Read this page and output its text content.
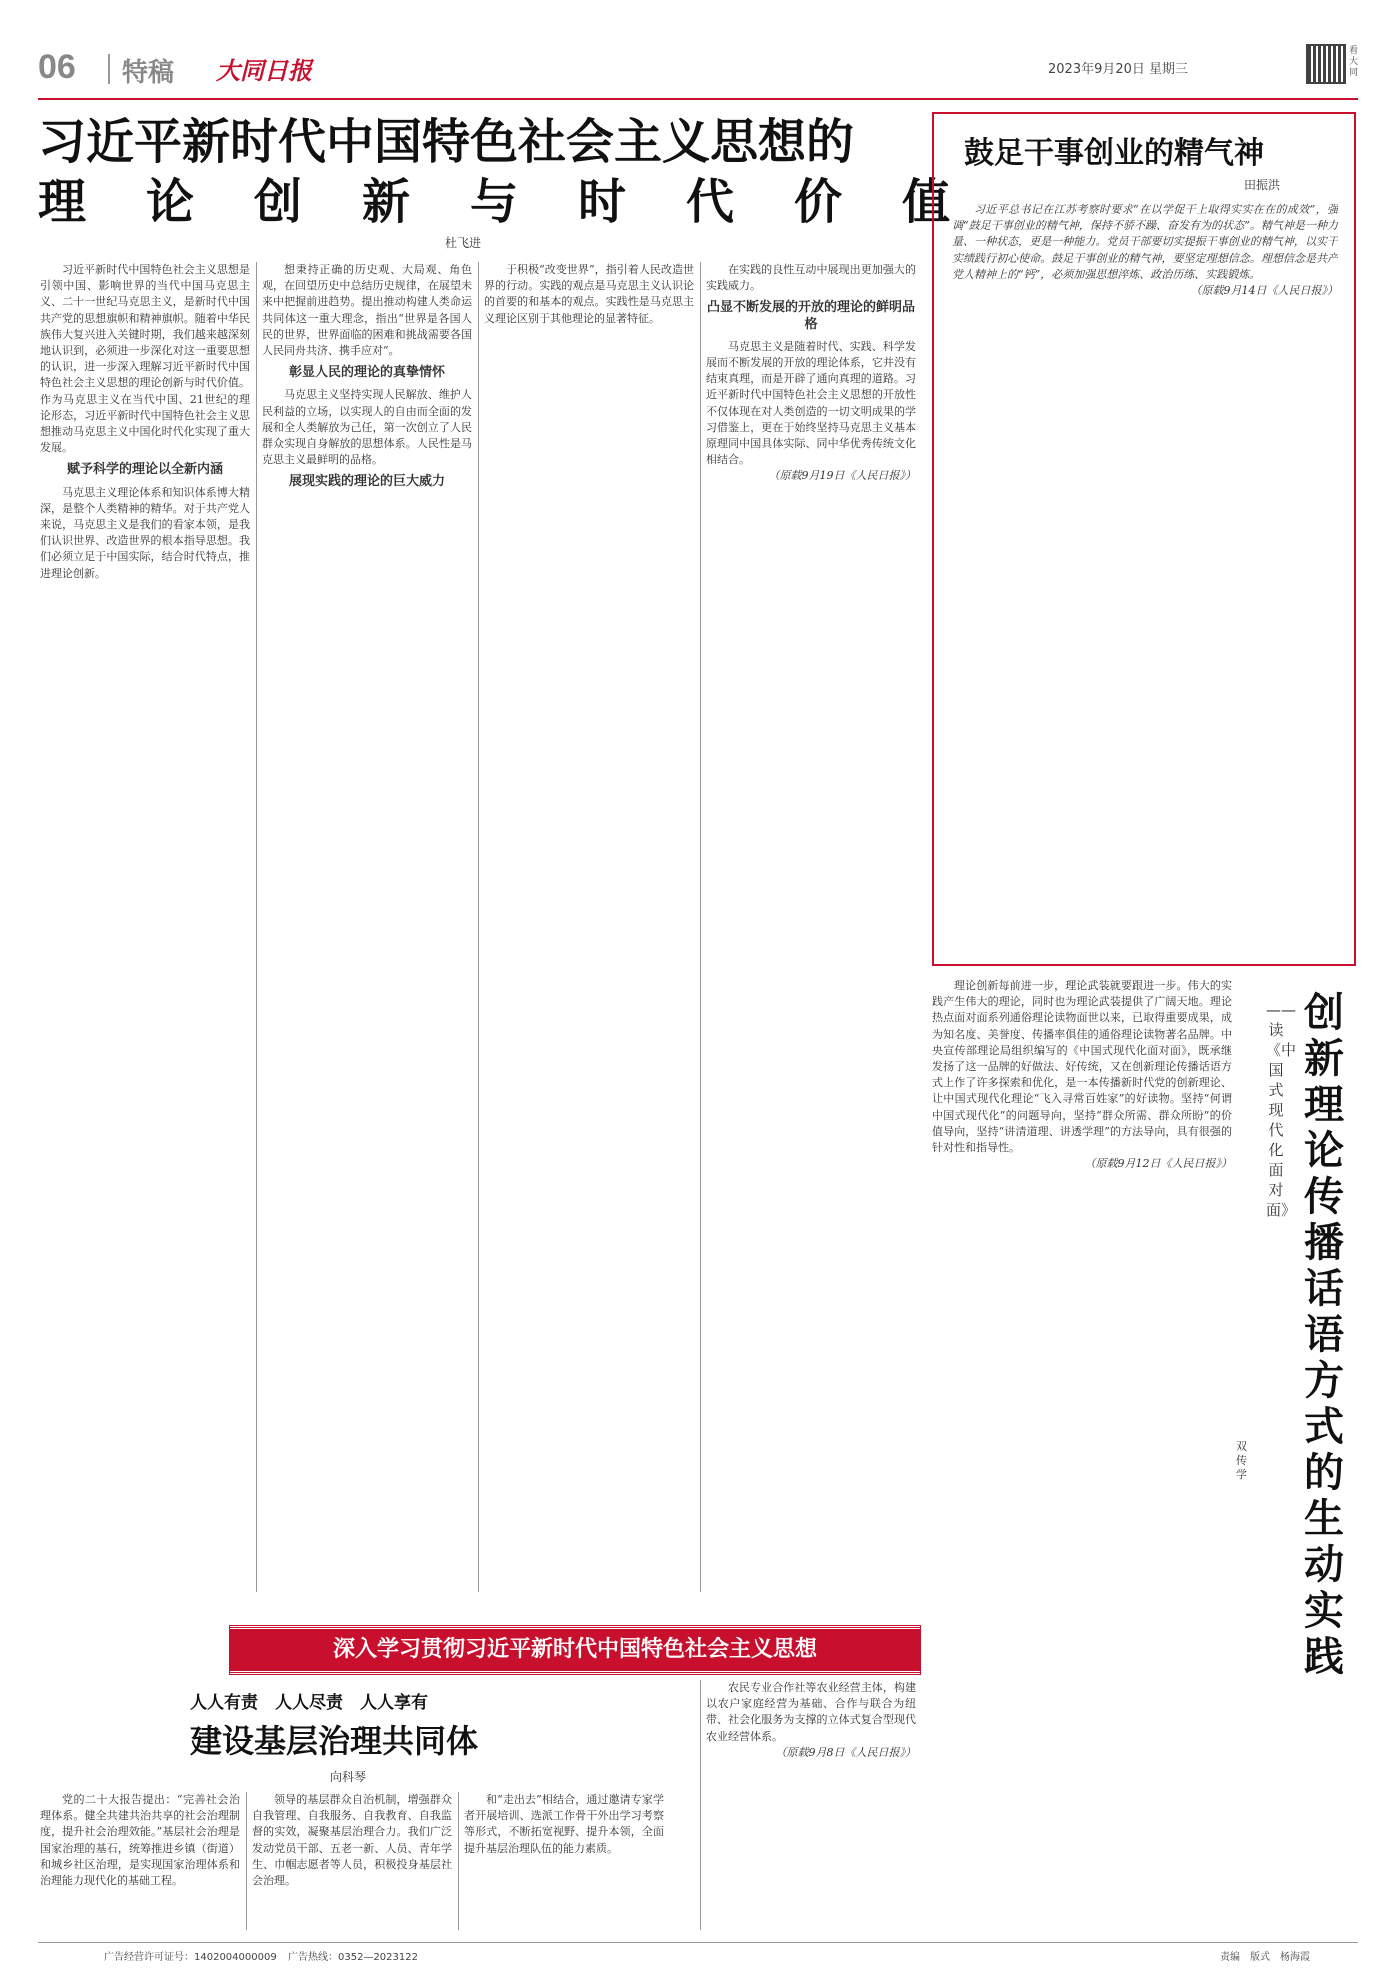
06 特稿 大同日报	2023年9月20日 星期三
看大同
习近平新时代中国特色社会主义思想的
理　论　创　新　与　时　代　价　值
杜飞进

习近平新时代中国特色社会主义思想是引领中国、影响世界的当代中国马克思主义、二十一世纪马克思主义，是新时代中国共产党的思想旗帜和精神旗帜。随着中华民族伟大复兴进入关键时期，我们越来越深刻地认识到，必须进一步深化对这一重要思想的认识，进一步深入理解习近平新时代中国特色社会主义思想的理论创新与时代价值。作为马克思主义在当代中国、21世纪的理论形态，习近平新时代中国特色社会主义思想推动马克思主义中国化时代化实现了重大发展。

赋予科学的理论以全新内涵

马克思主义理论体系和知识体系博大精深，是整个人类精神的精华。对于共产党人来说，马克思主义是我们的看家本领，是我们认识世界、改造世界的根本指导思想。我们必须立足于中国实际，结合时代特点，推进理论创新。

想秉持正确的历史观、大局观、角色观，在回望历史中总结历史规律，在展望未来中把握前进趋势。提出推动构建人类命运共同体这一重大理念，指出“世界是各国人民的世界，世界面临的困难和挑战需要各国人民同舟共济、携手应对”。

彰显人民的理论的真挚情怀

马克思主义坚持实现人民解放、维护人民利益的立场，以实现人的自由而全面的发展和全人类解放为己任，第一次创立了人民群众实现自身解放的思想体系。人民性是马克思主义最鲜明的品格。

展现实践的理论的巨大威力

于积极“改变世界”，指引着人民改造世界的行动。实践的观点是马克思主义认识论的首要的和基本的观点。实践性是马克思主义理论区别于其他理论的显著特征。

在实践的良性互动中展现出更加强大的实践威力。

凸显不断发展的开放的理论的鲜明品格

马克思主义是随着时代、实践、科学发展而不断发展的开放的理论体系，它并没有结束真理，而是开辟了通向真理的道路。习近平新时代中国特色社会主义思想的开放性不仅体现在对人类创造的一切文明成果的学习借鉴上，更在于始终坚持马克思主义基本原理同中国具体实际、同中华优秀传统文化相结合。

（原载9月19日《人民日报》）

鼓足干事创业的精气神
田振洪

习近平总书记在江苏考察时要求“在以学促干上取得实实在在的成效”，强调“鼓足干事创业的精气神，保持不骄不躁、奋发有为的状态”。精气神是一种力量、一种状态，更是一种能力。党员干部要切实提振干事创业的精气神，以实干实绩践行初心使命。鼓足干事创业的精气神，要坚定理想信念。理想信念是共产党人精神上的“钙”，必须加强思想淬炼、政治历练、实践锻炼。

（原载9月14日《人民日报》）

创新理论传播话语方式的生动实践
——读《中国式现代化面对面》
双传学

理论创新每前进一步，理论武装就要跟进一步。伟大的实践产生伟大的理论，同时也为理论武装提供了广阔天地。理论热点面对面系列通俗理论读物面世以来，已取得重要成果，成为知名度、美誉度、传播率俱佳的通俗理论读物著名品牌。中央宣传部理论局组织编写的《中国式现代化面对面》，既承继发扬了这一品牌的好做法、好传统，又在创新理论传播话语方式上作了许多探索和优化，是一本传播新时代党的创新理论、让中国式现代化理论“飞入寻常百姓家”的好读物。坚持“何谓中国式现代化”的问题导向，坚持“群众所需、群众所盼”的价值导向，坚持“讲清道理、讲透学理”的方法导向，具有很强的针对性和指导性。

（原载9月12日《人民日报》）

深入学习贯彻习近平新时代中国特色社会主义思想
人人有责　人人尽责　人人享有
建设基层治理共同体
向科琴

党的二十大报告提出：“完善社会治理体系。健全共建共治共享的社会治理制度，提升社会治理效能。”基层社会治理是国家治理的基石，统筹推进乡镇（街道）和城乡社区治理，是实现国家治理体系和治理能力现代化的基础工程。

领导的基层群众自治机制，增强群众自我管理、自我服务、自我教育、自我监督的实效，凝聚基层治理合力。我们广泛发动党员干部、五老一新、人员、青年学生、巾帼志愿者等人员，积极投身基层社会治理。

和“走出去”相结合，通过邀请专家学者开展培训、选派工作骨干外出学习考察等形式，不断拓宽视野、提升本领，全面提升基层治理队伍的能力素质。

农民专业合作社等农业经营主体，构建以农户家庭经营为基础、合作与联合为纽带、社会化服务为支撑的立体式复合型现代农业经营体系。

（原载9月8日《人民日报》）

广告经营许可证号：1402004000009 广告热线：0352—2023122	责编　版式　杨海霞
